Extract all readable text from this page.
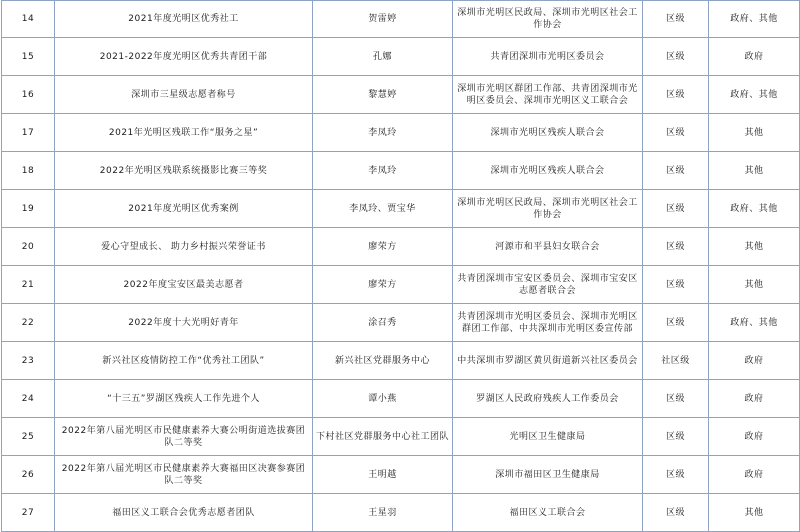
14	2021年度光明区优秀社工	贺雷婷	深圳市光明区民政局、深圳市光明区社会工作协会	区级	政府、其他
15	2021-2022年度光明区优秀共青团干部	孔娜	共青团深圳市光明区委员会	区级	政府
16	深圳市三星级志愿者称号	黎慧婷	深圳市光明区群团工作部、共青团深圳市光明区委员会、深圳市光明区义工联合会	区级	政府、其他
17	2021年光明区残联工作“服务之星”	李凤玲	深圳市光明区残疾人联合会	区级	其他
18	2022年光明区残联系统摄影比赛三等奖	李凤玲	深圳市光明区残疾人联合会	区级	其他
19	2021年度光明区优秀案例	李凤玲、贾宝华	深圳市光明区民政局、深圳市光明区社会工作协会	区级	政府、其他
20	爱心守望成长、 助力乡村振兴荣誉证书	廖荣方	河源市和平县妇女联合会	区级	其他
21	2022年度宝安区最美志愿者	廖荣方	共青团深圳市宝安区委员会、深圳市宝安区志愿者联合会	区级	其他
22	2022年度十大光明好青年	涂召秀	共青团深圳市光明区委员会、深圳市光明区群团工作部、中共深圳市光明区委宣传部	区级	政府、其他
23	新兴社区疫情防控工作“优秀社工团队”	新兴社区党群服务中心	中共深圳市罗湖区黄贝街道新兴社区委员会	社区级	政府
24	“十三五”罗湖区残疾人工作先进个人	谭小燕	罗湖区人民政府残疾人工作委员会	区级	政府
25	2022年第八届光明区市民健康素养大赛公明街道选拔赛团队二等奖	下村社区党群服务中心社工团队	光明区卫生健康局	区级	政府
26	2022年第八届光明区市民健康素养大赛福田区决赛参赛团队二等奖	王明越	深圳市福田区卫生健康局	区级	政府
27	福田区义工联合会优秀志愿者团队	王星羽	福田区义工联合会	区级	其他
